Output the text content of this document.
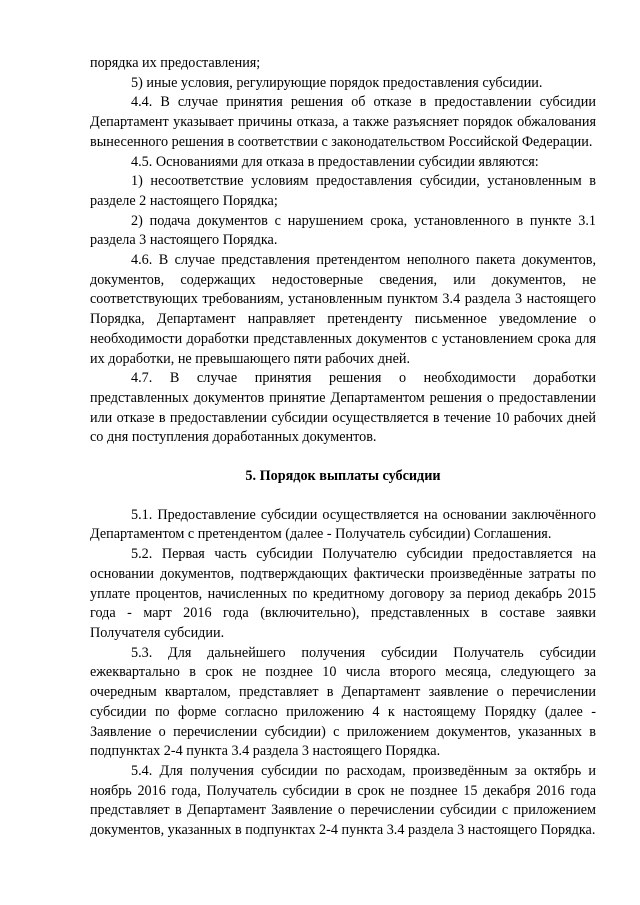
порядка их предоставления;

5) иные условия, регулирующие порядок предоставления субсидии.

4.4. В случае принятия решения об отказе в предоставлении субсидии Департамент указывает причины отказа, а также разъясняет порядок обжалования вынесенного решения в соответствии с законодательством Российской Федерации.

4.5. Основаниями для отказа в предоставлении субсидии являются:

1) несоответствие условиям предоставления субсидии, установленным в разделе 2 настоящего Порядка;

2) подача документов с нарушением срока, установленного в пункте 3.1 раздела 3 настоящего Порядка.

4.6. В случае представления претендентом неполного пакета документов, документов, содержащих недостоверные сведения, или документов, не соответствующих требованиям, установленным пунктом 3.4 раздела 3 настоящего Порядка, Департамент направляет претенденту письменное уведомление о необходимости доработки представленных документов с установлением срока для их доработки, не превышающего пяти рабочих дней.

4.7. В случае принятия решения о необходимости доработки представленных документов принятие Департаментом решения о предоставлении или отказе в предоставлении субсидии осуществляется в течение 10 рабочих дней со дня поступления доработанных документов.

5. Порядок выплаты субсидии

5.1. Предоставление субсидии осуществляется на основании заключённого Департаментом с претендентом (далее - Получатель субсидии) Соглашения.

5.2. Первая часть субсидии Получателю субсидии предоставляется на основании документов, подтверждающих фактически произведённые затраты по уплате процентов, начисленных по кредитному договору за период декабрь 2015 года - март 2016 года (включительно), представленных в составе заявки Получателя субсидии.

5.3. Для дальнейшего получения субсидии Получатель субсидии ежеквартально в срок не позднее 10 числа второго месяца, следующего за очередным кварталом, представляет в Департамент заявление о перечислении субсидии по форме согласно приложению 4 к настоящему Порядку (далее - Заявление о перечислении субсидии) с приложением документов, указанных в подпунктах 2-4 пункта 3.4 раздела 3 настоящего Порядка.

5.4. Для получения субсидии по расходам, произведённым за октябрь и ноябрь 2016 года, Получатель субсидии в срок не позднее 15 декабря 2016 года представляет в Департамент Заявление о перечислении субсидии с приложением документов, указанных в подпунктах 2-4 пункта 3.4 раздела 3 настоящего Порядка.
